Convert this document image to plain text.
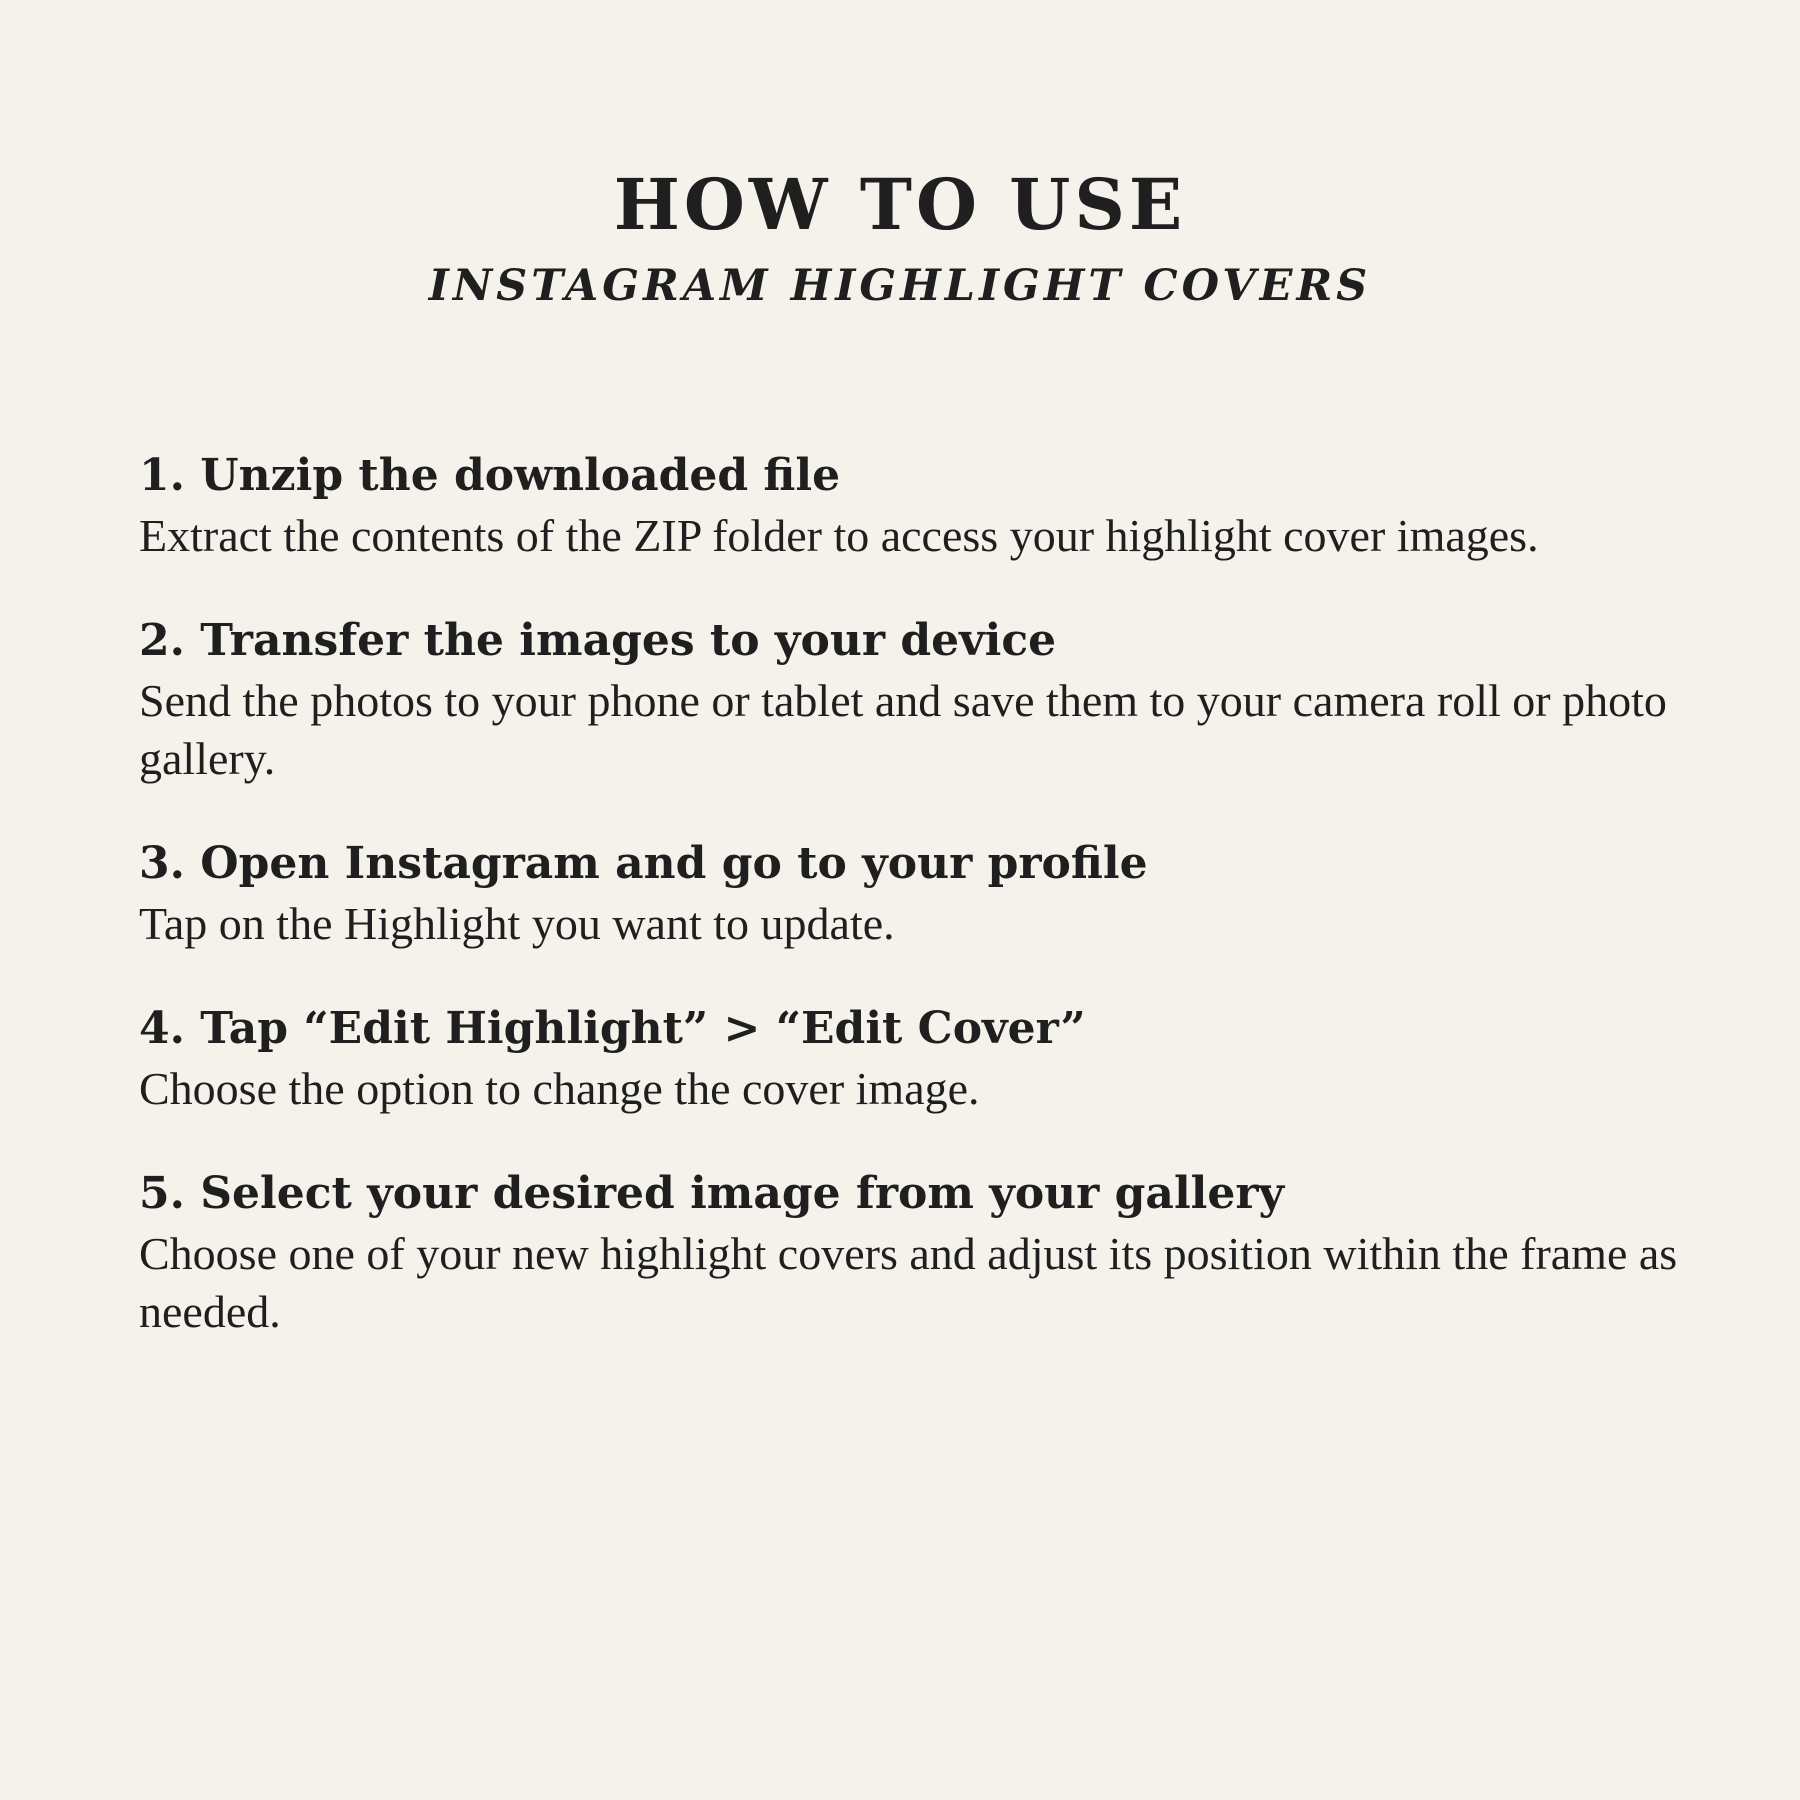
HOW TO USE
INSTAGRAM HIGHLIGHT COVERS

1. Unzip the downloaded file

Extract the contents of the ZIP folder to access your highlight cover images.

2. Transfer the images to your device

Send the photos to your phone or tablet and save them to your camera roll or photo gallery.

3. Open Instagram and go to your profile

Tap on the Highlight you want to update.

4. Tap “Edit Highlight” > “Edit Cover”

Choose the option to change the cover image.

5. Select your desired image from your gallery

Choose one of your new highlight covers and adjust its position within the frame as needed.
